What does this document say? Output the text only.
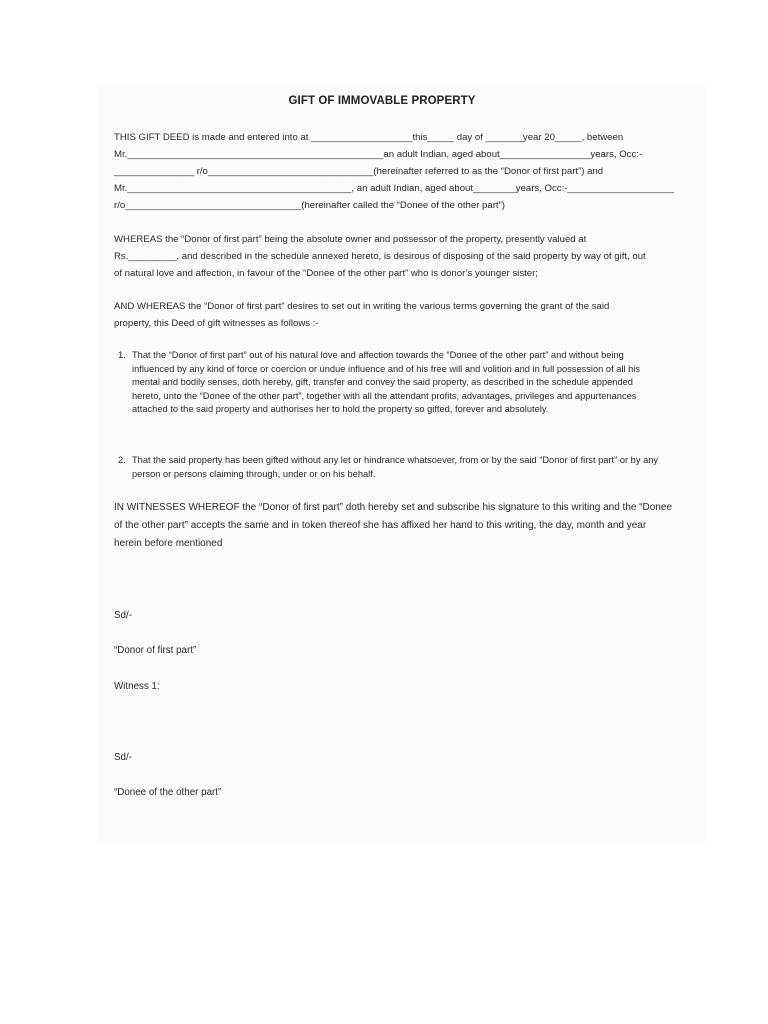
GIFT OF IMMOVABLE PROPERTY
THIS GIFT DEED is made and entered into at ___________________this_____ day of _______year 20_____, between
Mr.________________________________________________an adult Indian, aged about_________________years, Occ:-
_______________ r/o_______________________________(hereinafter referred to as the “Donor of first part”) and
Mr.__________________________________________, an adult Indian, aged about________years, Occ:-____________________
r/o_________________________________(hereinafter called the “Donee of the other part”)
WHEREAS the “Donor of first part” being the absolute owner and possessor of the property, presently valued at
Rs._________, and described in the schedule annexed hereto, is desirous of disposing of the said property by way of gift, out
of natural love and affection, in favour of the “Donee of the other part” who is donor’s younger sister;
AND WHEREAS the “Donor of first part” desires to set out in writing the various terms governing the grant of the said
property, this Deed of gift witnesses as follows :-
1. That the “Donor of first part” out of his natural love and affection towards the “Donee of the other part” and without being influenced by any kind of force or coercion or undue influence and of his free will and volition and in full possession of all his mental and bodily senses, doth hereby, gift, transfer and convey the said property, as described in the schedule appended hereto, unto the “Donee of the other part”, together with all the attendant profits, advantages, privileges and appurtenances attached to the said property and authorises her to hold the property so gifted, forever and absolutely.
2. That the said property has been gifted without any let or hindrance whatsoever, from or by the said “Donor of first part” or by any person or persons claiming through, under or on his behalf.
IN WITNESSES WHEREOF the “Donor of first part” doth hereby set and subscribe his signature to this writing and the “Donee of the other part” accepts the same and in token thereof she has affixed her hand to this writing, the day, month and year herein before mentioned
Sd/-
“Donor of first part”
Witness 1:
Sd/-
“Donee of the other part”
